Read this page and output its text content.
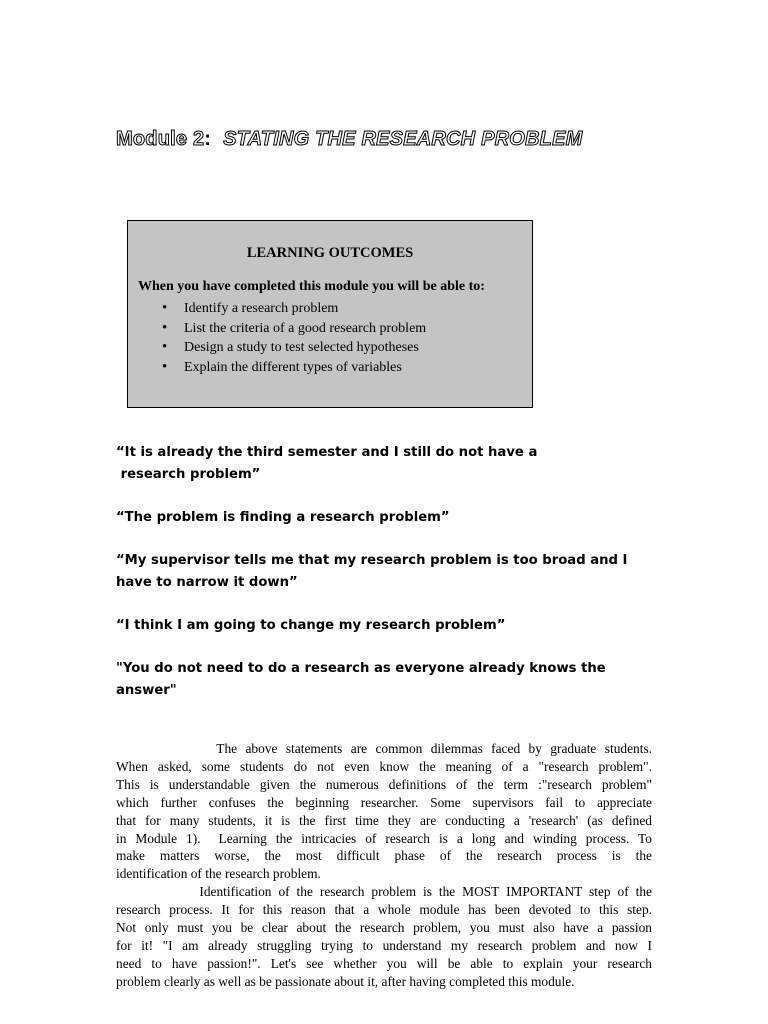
Module 2: STATING THE RESEARCH PROBLEM
LEARNING OUTCOMES
When you have completed this module you will be able to:
• Identify a research problem
• List the criteria of a good research problem
• Design a study to test selected hypotheses
• Explain the different types of variables
“It is already the third semester and I still do not have a
research problem”
“The problem is finding a research problem”
“My supervisor tells me that my research problem is too broad and I
have to narrow it down”
“I think I am going to change my research problem”
"You do not need to do a research as everyone already knows the
answer"
The above statements are common dilemmas faced by graduate students.
When asked, some students do not even know the meaning of a "research problem".
This is understandable given the numerous definitions of the term :"research problem"
which further confuses the beginning researcher. Some supervisors fail to appreciate
that for many students, it is the first time they are conducting a 'research' (as defined
in Module 1).  Learning the intricacies of research is a long and winding process. To
make matters worse, the most difficult phase of the research process is the
identification of the research problem.
Identification of the research problem is the MOST IMPORTANT step of the
research process. It for this reason that a whole module has been devoted to this step.
Not only must you be clear about the research problem, you must also have a passion
for it! "I am already struggling trying to understand my research problem and now I
need to have passion!". Let's see whether you will be able to explain your research
problem clearly as well as be passionate about it, after having completed this module.
